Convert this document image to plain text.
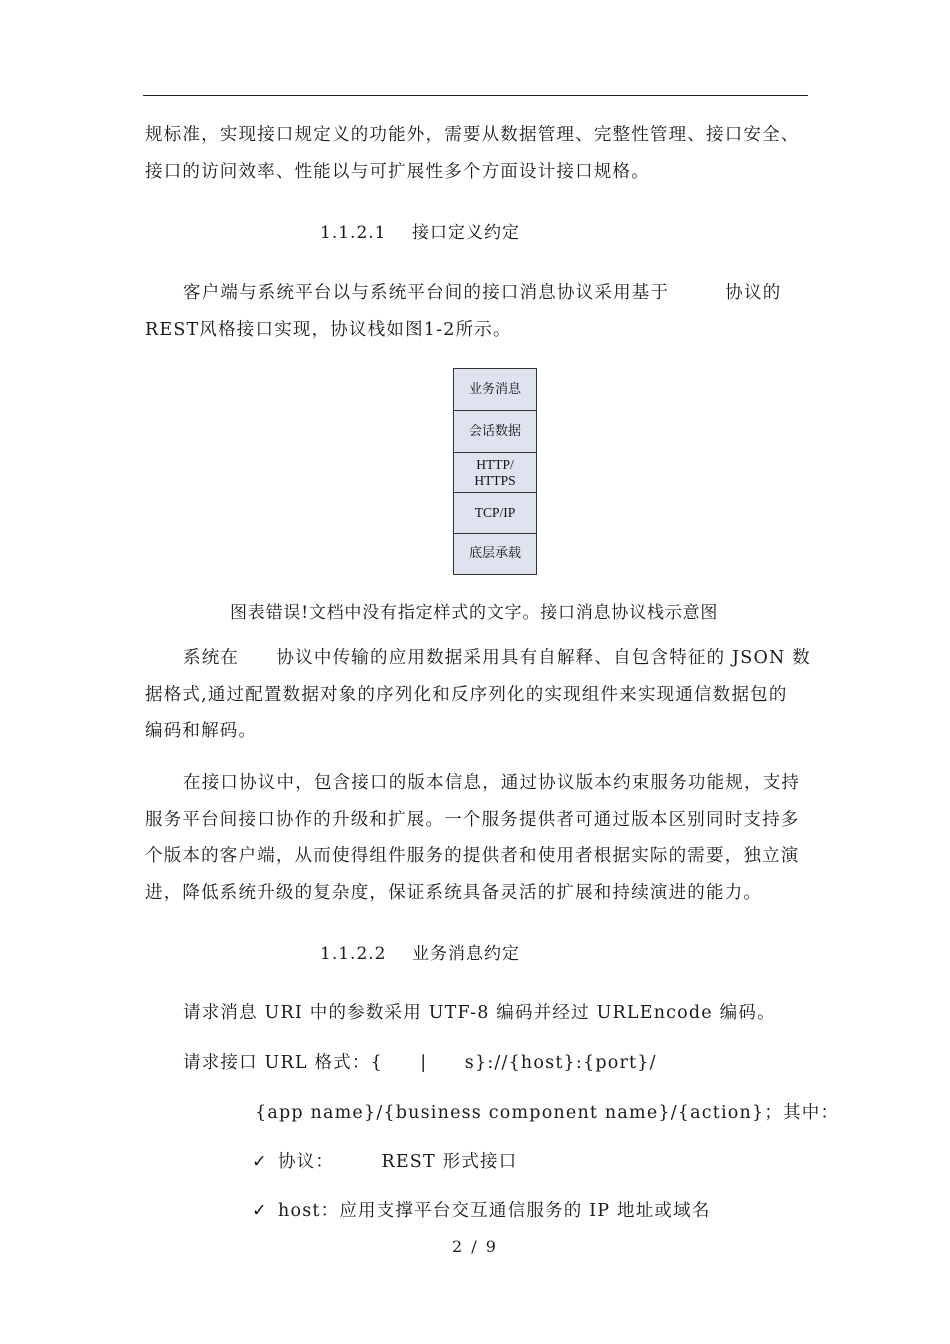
规标准，实现接口规定义的功能外，需要从数据管理、完整性管理、接口安全、
接口的访问效率、性能以与可扩展性多个方面设计接口规格。
1.1.2.1 接口定义约定
客户端与系统平台以与系统平台间的接口消息协议采用基于　　　协议的
REST风格接口实现，协议栈如图1-2所示。
业务消息
会话数据
HTTP/
HTTPS
TCP/IP
底层承载
图表错误!文档中没有指定样式的文字。接口消息协议栈示意图
系统在　　协议中传输的应用数据采用具有自解释、自包含特征的 JSON 数
据格式,通过配置数据对象的序列化和反序列化的实现组件来实现通信数据包的
编码和解码。
在接口协议中，包含接口的版本信息，通过协议版本约束服务功能规，支持
服务平台间接口协作的升级和扩展。一个服务提供者可通过版本区别同时支持多
个版本的客户端，从而使得组件服务的提供者和使用者根据实际的需要，独立演
进，降低系统升级的复杂度，保证系统具备灵活的扩展和持续演进的能力。
1.1.2.2 业务消息约定
请求消息 URI 中的参数采用 UTF-8 编码并经过 URLEncode 编码。
请求接口 URL 格式：{　　|　　s}://{host}:{port}/
{app name}/{business component name}/{action}；其中：
✓ 协议：　　　REST 形式接口
✓ host：应用支撑平台交互通信服务的 IP 地址或域名
2 / 9
